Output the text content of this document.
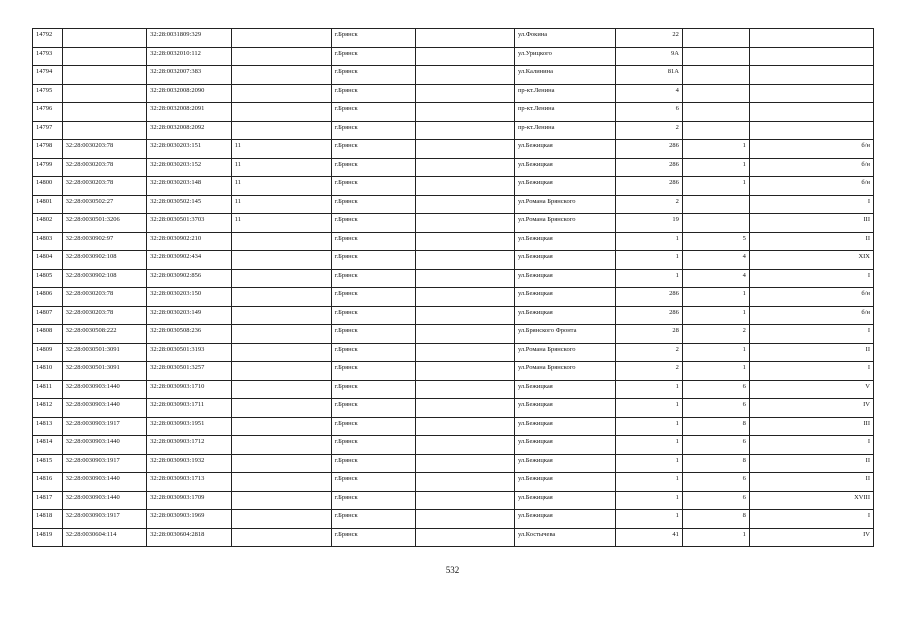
14792		32:28:0031809:329		г.Брянск		ул.Фокина	22		
14793		32:28:0032010:112		г.Брянск		ул.Урицкого	9А		
14794		32:28:0032007:383		г.Брянск		ул.Калинина	81А		
14795		32:28:0032008:2090		г.Брянск		пр-кт.Ленина	4		
14796		32:28:0032008:2091		г.Брянск		пр-кт.Ленина	6		
14797		32:28:0032008:2092		г.Брянск		пр-кт.Ленина	2		
14798	32:28:0030203:78	32:28:0030203:151	11	г.Брянск		ул.Бежицкая	286	1	б/н
14799	32:28:0030203:78	32:28:0030203:152	11	г.Брянск		ул.Бежицкая	286	1	б/н
14800	32:28:0030203:78	32:28:0030203:148	11	г.Брянск		ул.Бежицкая	286	1	б/н
14801	32:28:0030502:27	32:28:0030502:145	11	г.Брянск		ул.Романа Брянского	2		I
14802	32:28:0030501:3206	32:28:0030501:3703	11	г.Брянск		ул.Романа Брянского	19		III
14803	32:28:0030902:97	32:28:0030902:210		г.Брянск		ул.Бежицкая	1	5	II
14804	32:28:0030902:108	32:28:0030902:434		г.Брянск		ул.Бежицкая	1	4	XIX
14805	32:28:0030902:108	32:28:0030902:856		г.Брянск		ул.Бежицкая	1	4	I
14806	32:28:0030203:78	32:28:0030203:150		г.Брянск		ул.Бежицкая	286	1	б/н
14807	32:28:0030203:78	32:28:0030203:149		г.Брянск		ул.Бежицкая	286	1	б/н
14808	32:28:0030508:222	32:28:0030508:236		г.Брянск		ул.Брянского Фронта	28	2	I
14809	32:28:0030501:3091	32:28:0030501:3193		г.Брянск		ул.Романа Брянского	2	1	II
14810	32:28:0030501:3091	32:28:0030501:3257		г.Брянск		ул.Романа Брянского	2	1	I
14811	32:28:0030903:1440	32:28:0030903:1710		г.Брянск		ул.Бежицкая	1	6	V
14812	32:28:0030903:1440	32:28:0030903:1711		г.Брянск		ул.Бежицкая	1	6	IV
14813	32:28:0030903:1917	32:28:0030903:1951		г.Брянск		ул.Бежицкая	1	8	III
14814	32:28:0030903:1440	32:28:0030903:1712		г.Брянск		ул.Бежицкая	1	6	I
14815	32:28:0030903:1917	32:28:0030903:1932		г.Брянск		ул.Бежицкая	1	8	II
14816	32:28:0030903:1440	32:28:0030903:1713		г.Брянск		ул.Бежицкая	1	6	II
14817	32:28:0030903:1440	32:28:0030903:1709		г.Брянск		ул.Бежицкая	1	6	XVIII
14818	32:28:0030903:1917	32:28:0030903:1969		г.Брянск		ул.Бежицкая	1	8	I
14819	32:28:0030604:114	32:28:0030604:2818		г.Брянск		ул.Костычева	41	1	IV
532
